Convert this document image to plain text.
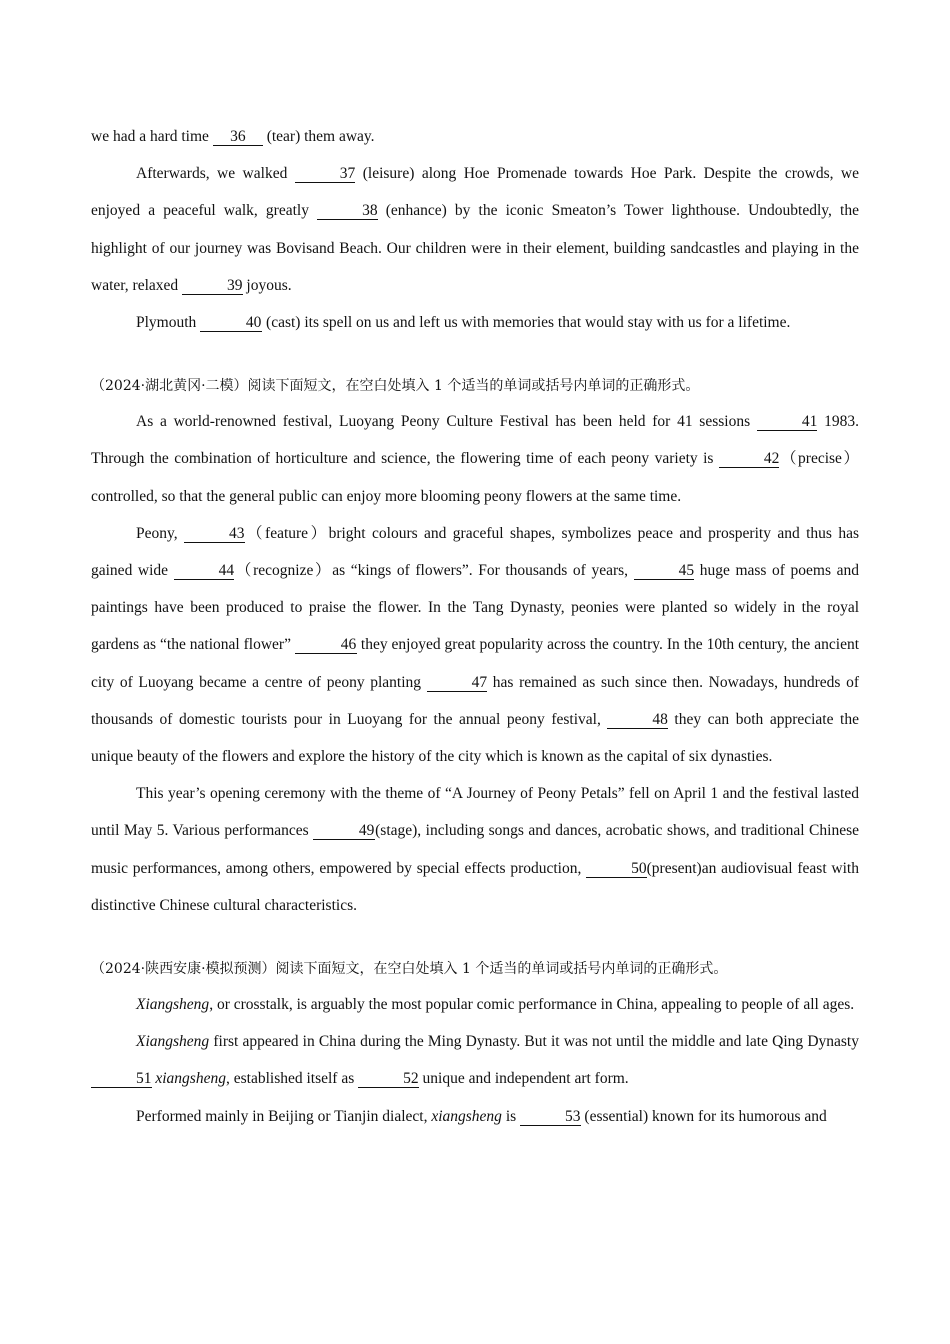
we had a hard time 36 (tear) them away.

Afterwards, we walked	37 (leisure) along Hoe Promenade towards Hoe Park. Despite the crowds, we enjoyed a peaceful walk, greatly	38 (enhance) by the iconic Smeaton’s Tower lighthouse. Undoubtedly, the highlight of our journey was Bovisand Beach. Our children were in their element, building sandcastles and playing in the water, relaxed	39 joyous.

Plymouth	40 (cast) its spell on us and left us with memories that would stay with us for a lifetime.

（2024·湖北黄冈·二模）阅读下面短文，在空白处填入 1 个适当的单词或括号内单词的正确形式。

As a world-renowned festival, Luoyang Peony Culture Festival has been held for 41 sessions	41 1983. Through the combination of horticulture and science, the flowering time of each peony variety is	42（precise）controlled, so that the general public can enjoy more blooming peony flowers at the same time.

Peony,	43（feature）bright colours and graceful shapes, symbolizes peace and prosperity and thus has gained wide	44（recognize）as “kings of flowers”. For thousands of years,	45 huge mass of poems and paintings have been produced to praise the flower. In the Tang Dynasty, peonies were planted so widely in the royal gardens as “the national flower”	46 they enjoyed great popularity across the country. In the 10th century, the ancient city of Luoyang became a centre of peony planting	47 has remained as such since then. Nowadays, hundreds of thousands of domestic tourists pour in Luoyang for the annual peony festival,	48 they can both appreciate the unique beauty of the flowers and explore the history of the city which is known as the capital of six dynasties.

This year’s opening ceremony with the theme of “A Journey of Peony Petals” fell on April 1 and the festival lasted until May 5. Various performances	49(stage), including songs and dances, acrobatic shows, and traditional Chinese music performances, among others, empowered by special effects production,	50(present)an audiovisual feast with distinctive Chinese cultural characteristics.

（2024·陕西安康·模拟预测）阅读下面短文，在空白处填入 1 个适当的单词或括号内单词的正确形式。

Xiangsheng, or crosstalk, is arguably the most popular comic performance in China, appealing to people of all ages.

Xiangsheng first appeared in China during the Ming Dynasty. But it was not until the middle and late Qing Dynasty 51 xiangsheng, established itself as	52 unique and independent art form.

Performed mainly in Beijing or Tianjin dialect, xiangsheng is	53 (essential) known for its humorous and
